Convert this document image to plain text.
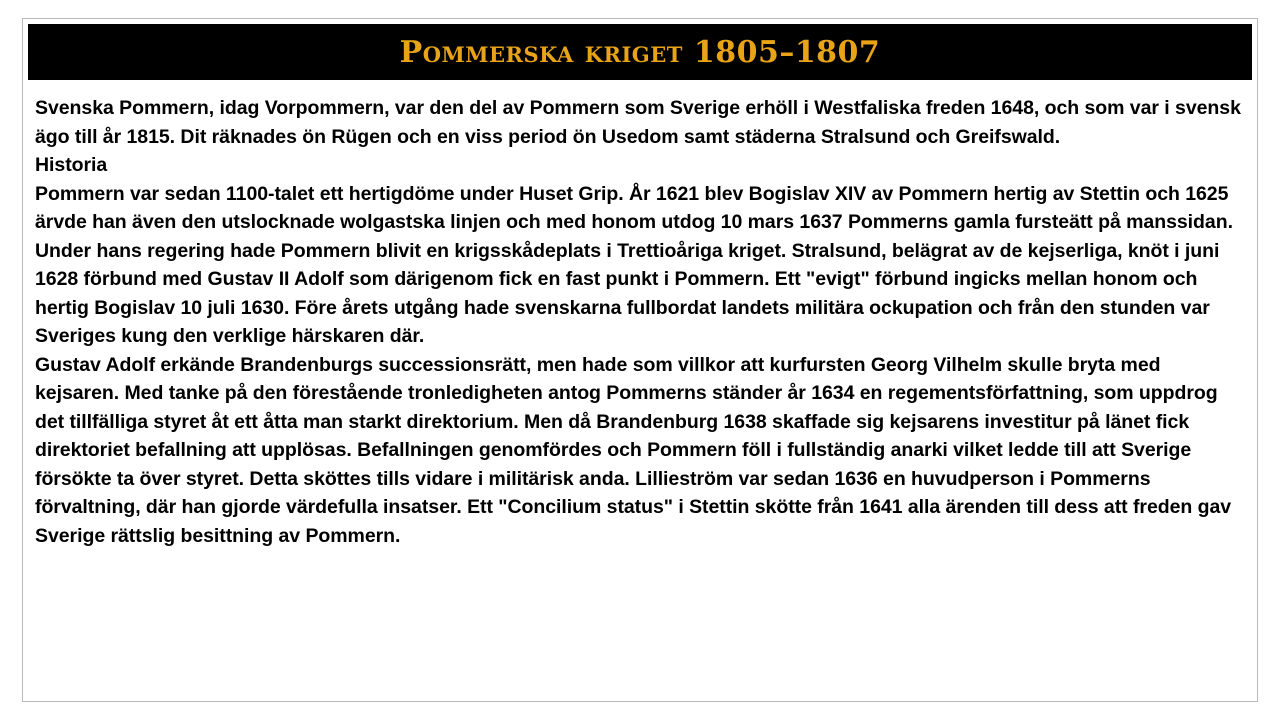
Pommerska kriget 1805–1807

Svenska Pommern, idag Vorpommern, var den del av Pommern som Sverige erhöll i Westfaliska freden 1648, och som var i svensk ägo till år 1815. Dit räknades ön Rügen och en viss period ön Usedom samt städerna Stralsund och Greifswald.

Historia

Pommern var sedan 1100-talet ett hertigdöme under Huset Grip. År 1621 blev Bogislav XIV av Pommern hertig av Stettin och 1625 ärvde han även den utslocknade wolgastska linjen och med honom utdog 10 mars 1637 Pommerns gamla fursteätt på manssidan. Under hans regering hade Pommern blivit en krigsskådeplats i Trettioåriga kriget. Stralsund, belägrat av de kejserliga, knöt i juni 1628 förbund med Gustav II Adolf som därigenom fick en fast punkt i Pommern. Ett "evigt" förbund ingicks mellan honom och hertig Bogislav 10 juli 1630. Före årets utgång hade svenskarna fullbordat landets militära ockupation och från den stunden var Sveriges kung den verklige härskaren där.

Gustav Adolf erkände Brandenburgs successionsrätt, men hade som villkor att kurfursten Georg Vilhelm skulle bryta med kejsaren. Med tanke på den förestående tronledigheten antog Pommerns ständer år 1634 en regementsförfattning, som uppdrog det tillfälliga styret åt ett åtta man starkt direktorium. Men då Brandenburg 1638 skaffade sig kejsarens investitur på länet fick direktoriet befallning att upplösas. Befallningen genomfördes och Pommern föll i fullständig anarki vilket ledde till att Sverige försökte ta över styret. Detta sköttes tills vidare i militärisk anda. Lillieström var sedan 1636 en huvudperson i Pommerns förvaltning, där han gjorde värdefulla insatser. Ett "Concilium status" i Stettin skötte från 1641 alla ärenden till dess att freden gav Sverige rättslig besittning av Pommern.
